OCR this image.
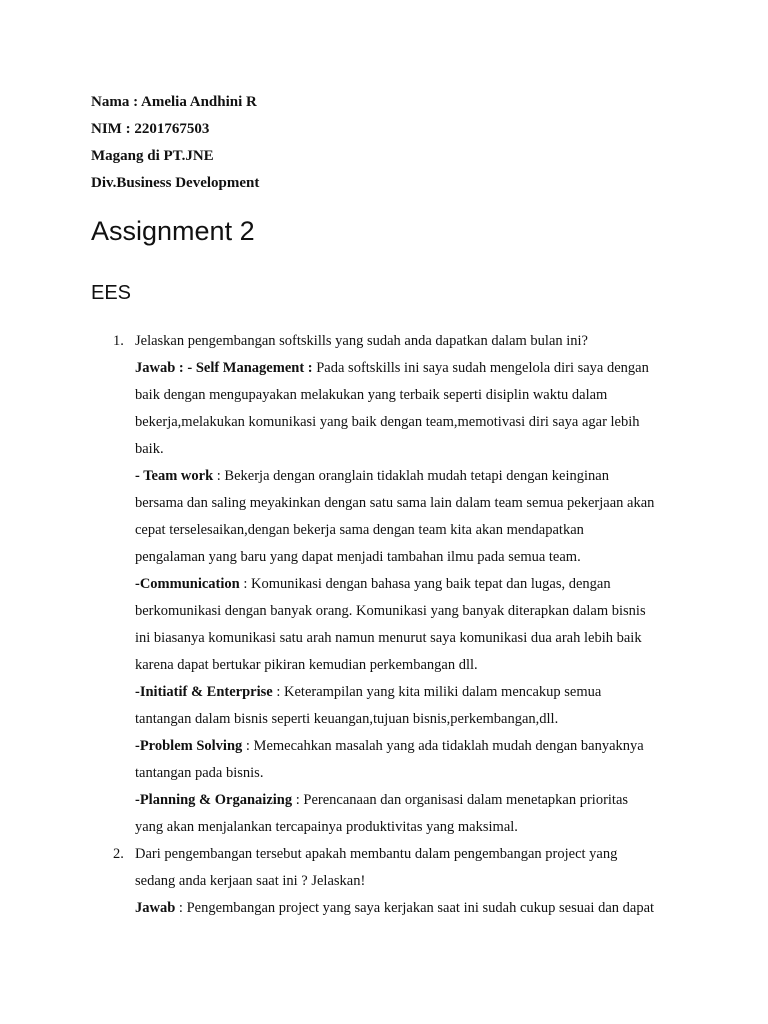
Nama : Amelia Andhini R
NIM : 2201767503
Magang di PT.JNE
Div.Business Development
Assignment 2
EES
1. Jelaskan pengembangan softskills yang sudah anda dapatkan dalam bulan ini?
Jawab : - Self Management : Pada softskills ini saya sudah mengelola diri saya dengan
baik dengan mengupayakan melakukan yang terbaik seperti disiplin waktu dalam
bekerja,melakukan komunikasi yang baik dengan team,memotivasi diri saya agar lebih
baik.
- Team work : Bekerja dengan oranglain tidaklah mudah tetapi dengan keinginan
bersama dan saling meyakinkan dengan satu sama lain dalam team semua pekerjaan akan
cepat terselesaikan,dengan bekerja sama dengan team kita akan mendapatkan
pengalaman yang baru yang dapat menjadi tambahan ilmu pada semua team.
-Communication : Komunikasi dengan bahasa yang baik tepat dan lugas, dengan
berkomunikasi dengan banyak orang. Komunikasi yang banyak diterapkan dalam bisnis
ini biasanya komunikasi satu arah namun menurut saya komunikasi dua arah lebih baik
karena dapat bertukar pikiran kemudian perkembangan dll.
-Initiatif & Enterprise : Keterampilan yang kita miliki dalam mencakup semua
tantangan dalam bisnis seperti keuangan,tujuan bisnis,perkembangan,dll.
-Problem Solving : Memecahkan masalah yang ada tidaklah mudah dengan banyaknya
tantangan pada bisnis.
-Planning & Organaizing : Perencanaan dan organisasi dalam menetapkan prioritas
yang akan menjalankan tercapainya produktivitas yang maksimal.
2. Dari pengembangan tersebut apakah membantu dalam pengembangan project yang
sedang anda kerjaan saat ini ? Jelaskan!
Jawab : Pengembangan project yang saya kerjakan saat ini sudah cukup sesuai dan dapat
